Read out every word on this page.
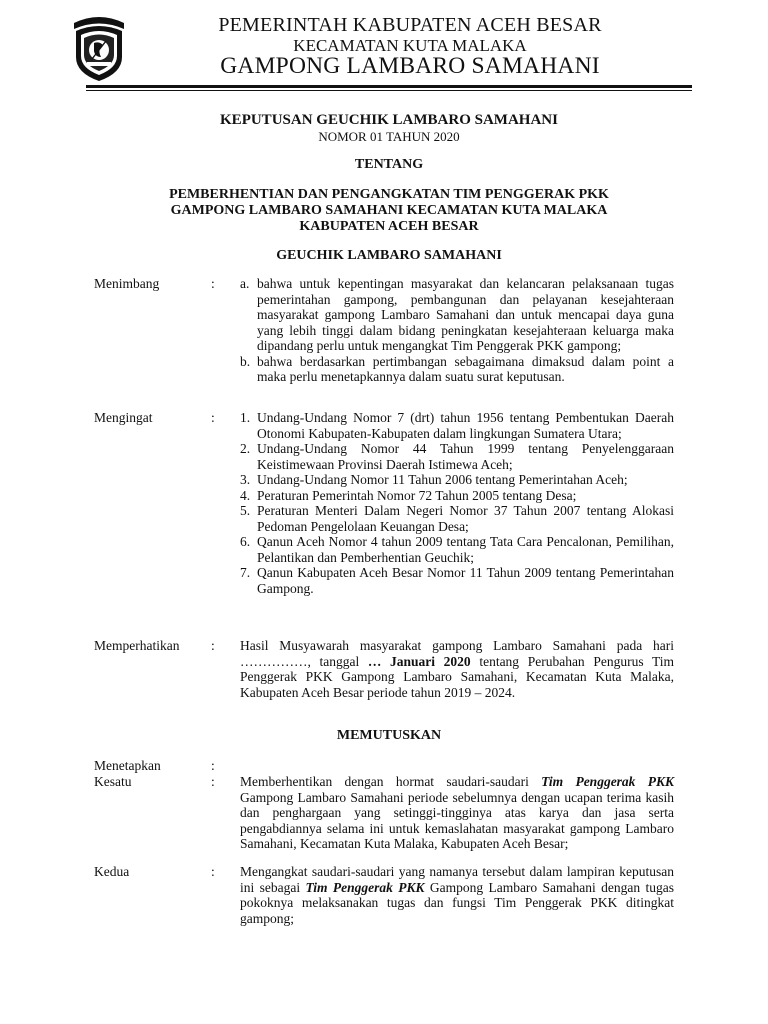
PEMERINTAH KABUPATEN ACEH BESAR
KECAMATAN KUTA MALAKA
GAMPONG LAMBARO SAMAHANI
KEPUTUSAN GEUCHIK LAMBARO SAMAHANI
NOMOR 01 TAHUN 2020
TENTANG
PEMBERHENTIAN DAN PENGANGKATAN TIM PENGGERAK PKK
GAMPONG LAMBARO SAMAHANI KECAMATAN KUTA MALAKA
KABUPATEN ACEH BESAR
GEUCHIK LAMBARO SAMAHANI
Menimbang	: a. bahwa untuk kepentingan masyarakat dan kelancaran pelaksanaan tugas pemerintahan gampong, pembangunan dan pelayanan kesejahteraan masyarakat gampong Lambaro Samahani dan untuk mencapai daya guna yang lebih tinggi dalam bidang peningkatan kesejahteraan keluarga maka dipandang perlu untuk mengangkat Tim Penggerak PKK gampong;
b. bahwa berdasarkan pertimbangan sebagaimana dimaksud dalam point a maka perlu menetapkannya dalam suatu surat keputusan.
Mengingat	: 1. Undang-Undang Nomor 7 (drt) tahun 1956 tentang Pembentukan Daerah Otonomi Kabupaten-Kabupaten dalam lingkungan Sumatera Utara;
2. Undang-Undang Nomor 44 Tahun 1999 tentang Penyelenggaraan Keistimewaan Provinsi Daerah Istimewa Aceh;
3. Undang-Undang Nomor 11 Tahun 2006 tentang Pemerintahan Aceh;
4. Peraturan Pemerintah Nomor 72 Tahun 2005 tentang Desa;
5. Peraturan Menteri Dalam Negeri Nomor 37 Tahun 2007 tentang Alokasi Pedoman Pengelolaan Keuangan Desa;
6. Qanun Aceh Nomor 4 tahun 2009 tentang Tata Cara Pencalonan, Pemilihan, Pelantikan dan Pemberhentian Geuchik;
7. Qanun Kabupaten Aceh Besar Nomor 11 Tahun 2009 tentang Pemerintahan Gampong.
Memperhatikan	: Hasil Musyawarah masyarakat gampong Lambaro Samahani pada hari ……………, tanggal … Januari 2020 tentang Perubahan Pengurus Tim Penggerak PKK Gampong Lambaro Samahani, Kecamatan Kuta Malaka, Kabupaten Aceh Besar periode tahun 2019 – 2024.
MEMUTUSKAN
Menetapkan	:
Kesatu	: Memberhentikan dengan hormat saudari-saudari Tim Penggerak PKK Gampong Lambaro Samahani periode sebelumnya dengan ucapan terima kasih dan penghargaan yang setinggi-tingginya atas karya dan jasa serta pengabdiannya selama ini untuk kemaslahatan masyarakat gampong Lambaro Samahani, Kecamatan Kuta Malaka, Kabupaten Aceh Besar;
Kedua	: Mengangkat saudari-saudari yang namanya tersebut dalam lampiran keputusan ini sebagai Tim Penggerak PKK Gampong Lambaro Samahani dengan tugas pokoknya melaksanakan tugas dan fungsi Tim Penggerak PKK ditingkat gampong;
